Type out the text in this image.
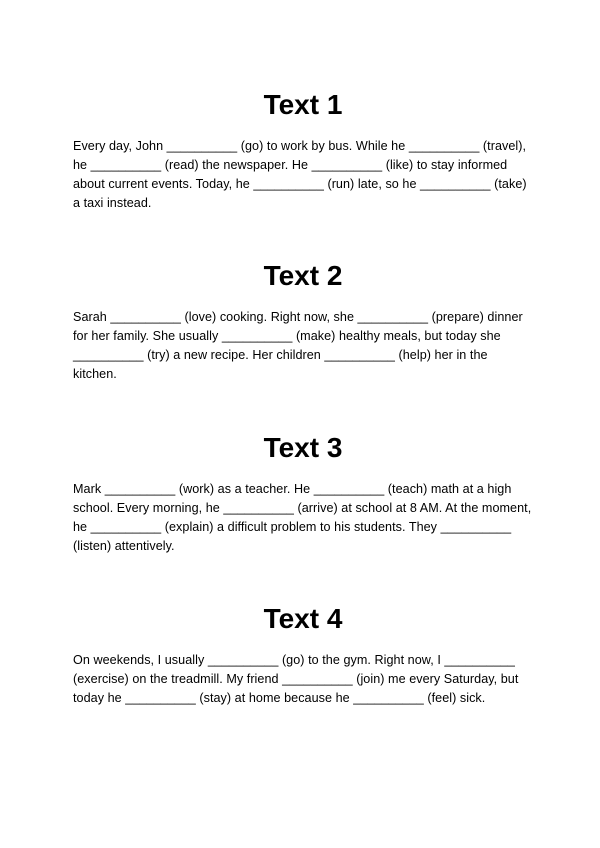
Text 1

Every day, John __________ (go) to work by bus. While he __________ (travel), he __________ (read) the newspaper. He __________ (like) to stay informed about current events. Today, he __________ (run) late, so he __________ (take) a taxi instead.

Text 2

Sarah __________ (love) cooking. Right now, she __________ (prepare) dinner for her family. She usually __________ (make) healthy meals, but today she __________ (try) a new recipe. Her children __________ (help) her in the kitchen.

Text 3

Mark __________ (work) as a teacher. He __________ (teach) math at a high school. Every morning, he __________ (arrive) at school at 8 AM. At the moment, he __________ (explain) a difficult problem to his students. They __________ (listen) attentively.

Text 4

On weekends, I usually __________ (go) to the gym. Right now, I __________ (exercise) on the treadmill. My friend __________ (join) me every Saturday, but today he __________ (stay) at home because he __________ (feel) sick.
